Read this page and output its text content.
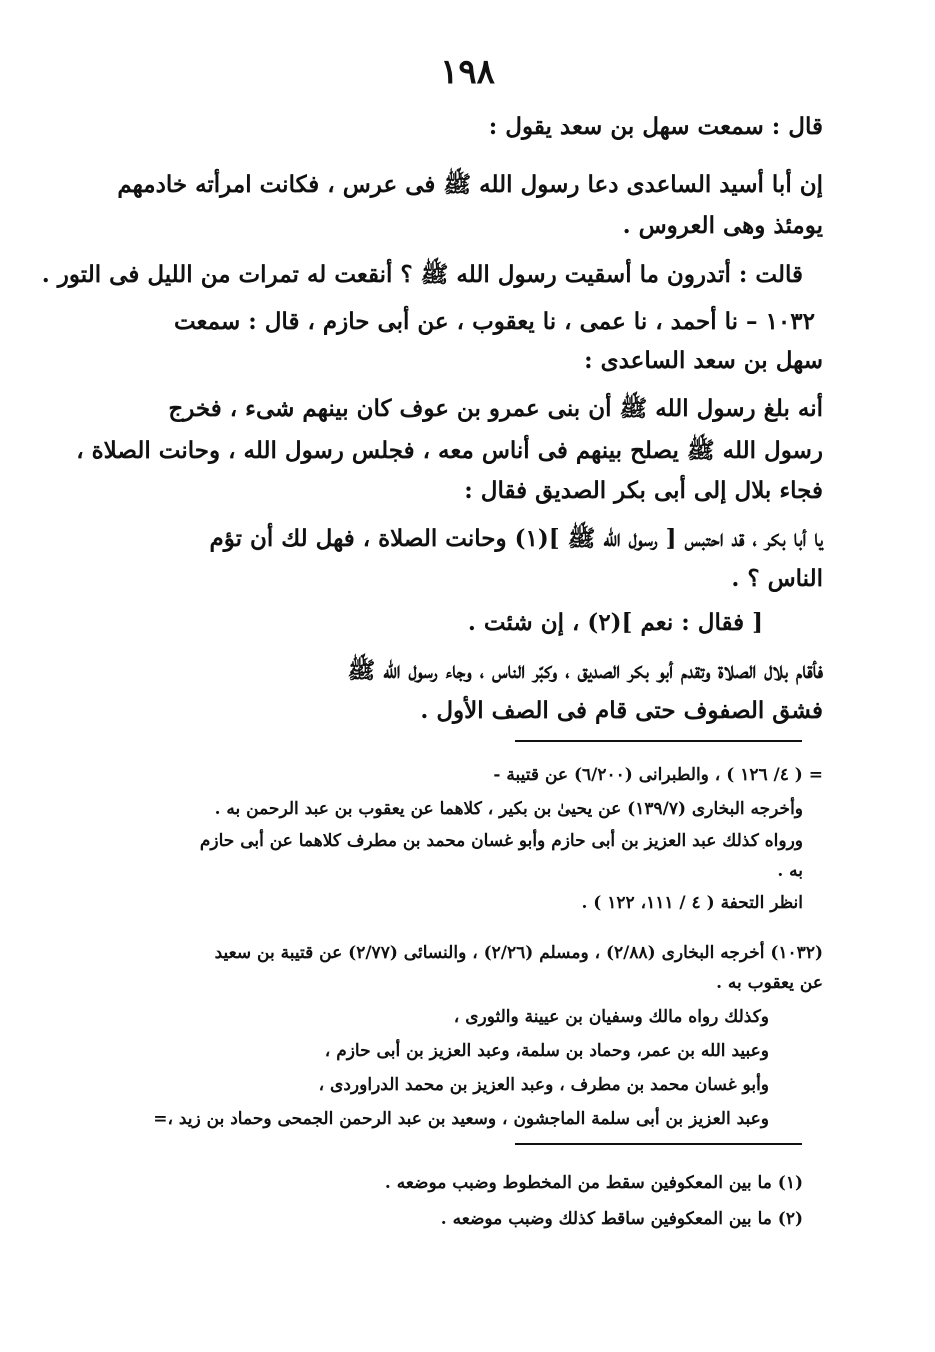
١٩٨
قال : سمعت سهل بن سعد يقول :
إن أبا أسيد الساعدى دعا رسول الله ﷺ فى عرس ، فكانت امرأته خادمهم
يومئذ وهى العروس .
قالت : أتدرون ما أسقيت رسول الله ﷺ ؟ أنقعت له تمرات من الليل فى التور .
١٠٣٢ – نا أحمد ، نا عمى ، نا يعقوب ، عن أبى حازم ، قال : سمعت
سهل بن سعد الساعدى :
أنه بلغ رسول الله ﷺ أن بنى عمرو بن عوف كان بينهم شىء ، فخرج
رسول الله ﷺ يصلح بينهم فى أناس معه ، فجلس رسول الله ، وحانت الصلاة ،
فجاء بلال إلى أبى بكر الصديق فقال :
يا أبا بكر ، قد احتبس [ رسول الله ﷺ ](١) وحانت الصلاة ، فهل لك أن تؤم
الناس ؟ .
[ فقال : نعم ](٢) ، إن شئت .
فأقام بلال الصلاة وتقدم أبو بكر الصديق ، وكبّر الناس ، وجاء رسول الله ﷺ
فشق الصفوف حتى قام فى الصف الأول .
= ( ٤/ ١٢٦ ) ، والطبرانى (٦/٢٠٠) عن قتيبة -
وأخرجه البخارى (١٣٩/٧) عن يحيىٰ بن بكير ، كلاهما عن يعقوب بن عبد الرحمن به .
ورواه كذلك عبد العزيز بن أبى حازم وأبو غسان محمد بن مطرف كلاهما عن أبى حازم
به .
انظر التحفة ( ٤ / ١١١، ١٢٢ ) .
(١٠٣٢) أخرجه البخارى (٢/٨٨) ، ومسلم (٢/٢٦) ، والنسائى (٢/٧٧) عن قتيبة بن سعيد
عن يعقوب به .
وكذلك رواه مالك وسفيان بن عيينة والثورى ،
وعبيد الله بن عمر، وحماد بن سلمة، وعبد العزيز بن أبى حازم ،
وأبو غسان محمد بن مطرف ، وعبد العزيز بن محمد الدراوردى ،
وعبد العزيز بن أبى سلمة الماجشون ، وسعيد بن عبد الرحمن الجمحى وحماد بن زيد ،=
(١) ما بين المعكوفين سقط من المخطوط وضبب موضعه .
(٢) ما بين المعكوفين ساقط كذلك وضبب موضعه .
